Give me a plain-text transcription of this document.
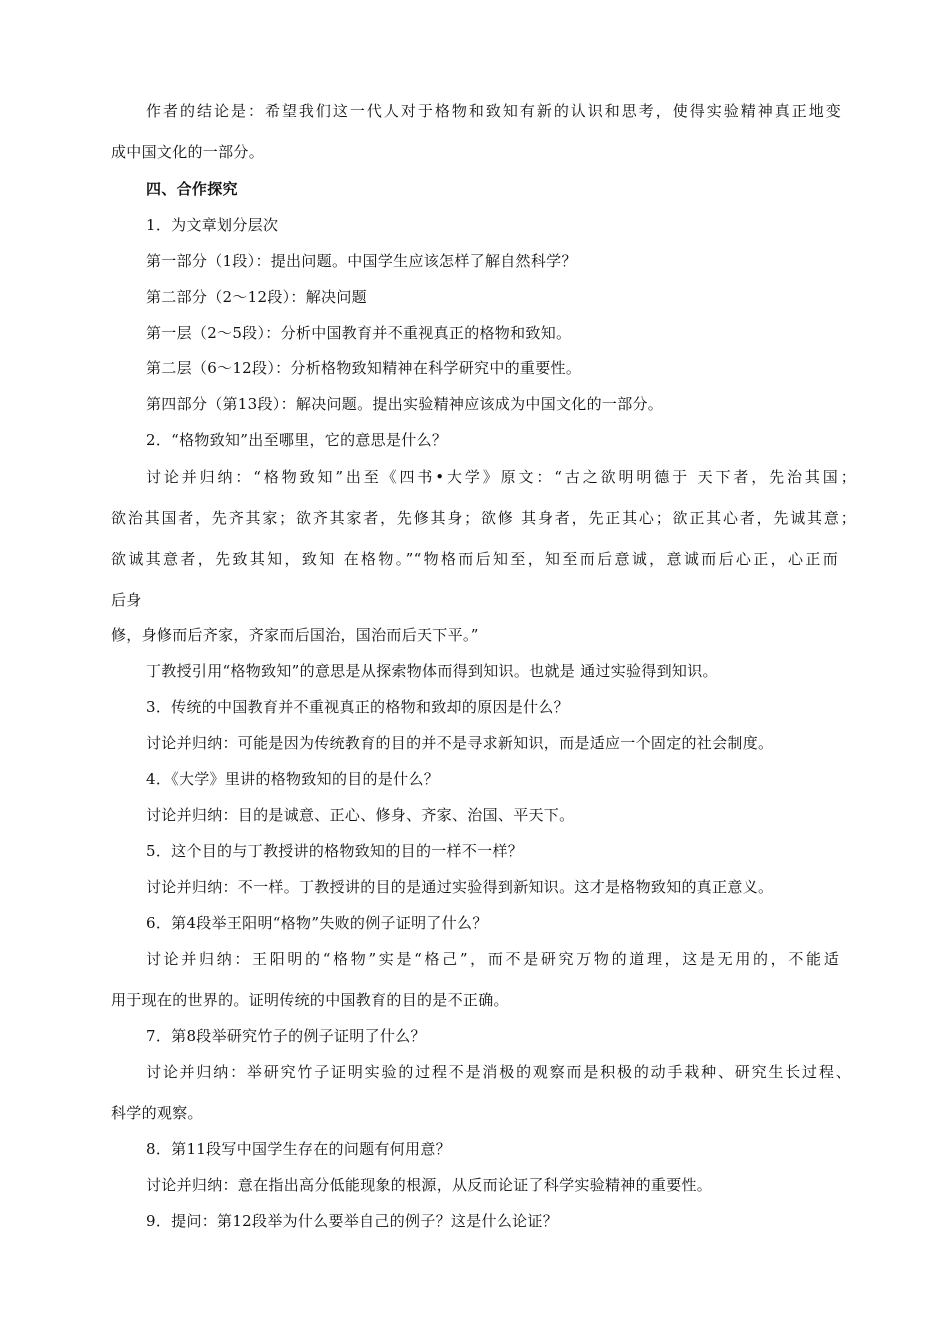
作者的结论是：希望我们这一代人对于格物和致知有新的认识和思考，使得实验精神真正地变
成中国文化的一部分。
四、合作探究
1．为文章划分层次
第一部分（1段）：提出问题。中国学生应该怎样了解自然科学？
第二部分（2～12段）：解决问题
第一层（2～5段）：分析中国教育并不重视真正的格物和致知。
第二层（6～12段）：分析格物致知精神在科学研究中的重要性。
第四部分（第13段）：解决问题。提出实验精神应该成为中国文化的一部分。
2．“格物致知”出至哪里，它的意思是什么？
讨论并归纳：“格物致知”出至《四书•大学》原文：“古之欲明明德于 天下者，先治其国；
欲治其国者，先齐其家；欲齐其家者，先修其身；欲修 其身者，先正其心；欲正其心者，先诚其意；
欲诚其意者，先致其知，致知 在格物。”“物格而后知至，知至而后意诚，意诚而后心正，心正而
后身
修，身修而后齐家，齐家而后国治，国治而后天下平。”
丁教授引用“格物致知”的意思是从探索物体而得到知识。也就是 通过实验得到知识。
3．传统的中国教育并不重视真正的格物和致却的原因是什么？
讨论并归纳：可能是因为传统教育的目的并不是寻求新知识，而是适应一个固定的社会制度。
4．《大学》里讲的格物致知的目的是什么？
讨论并归纳：目的是诚意、正心、修身、齐家、治国、平天下。
5．这个目的与丁教授讲的格物致知的目的一样不一样？
讨论并归纳：不一样。丁教授讲的目的是通过实验得到新知识。这才是格物致知的真正意义。
6．第4段举王阳明“格物”失败的例子证明了什么？
讨论并归纳：王阳明的“格物”实是“格己”，而不是研究万物的道理，这是无用的，不能适
用于现在的世界的。证明传统的中国教育的目的是不正确。
7．第8段举研究竹子的例子证明了什么？
讨论并归纳：举研究竹子证明实验的过程不是消极的观察而是积极的动手栽种、研究生长过程、
科学的观察。
8．第11段写中国学生存在的问题有何用意？
讨论并归纳：意在指出高分低能现象的根源，从反而论证了科学实验精神的重要性。
9．提问：第12段举为什么要举自己的例子？这是什么论证？
